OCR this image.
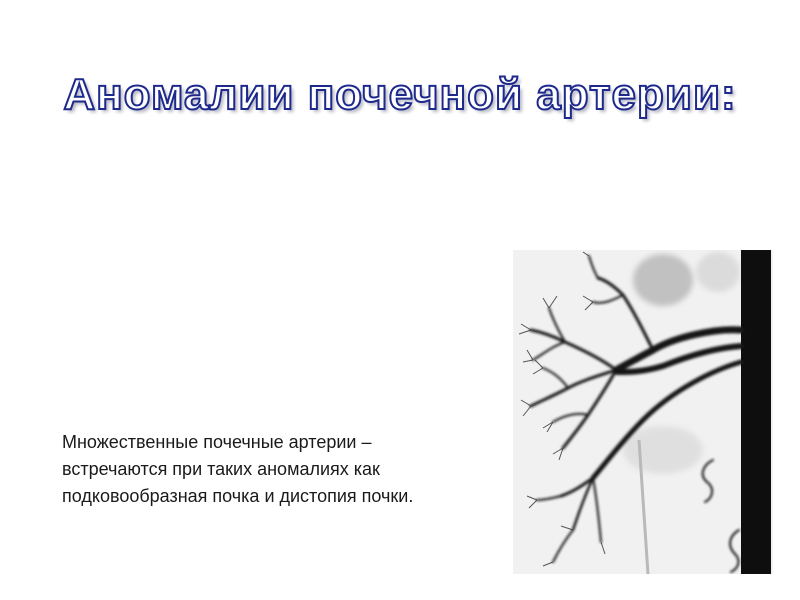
Аномалии почечной артерии:
Множественные почечные артерии – встречаются при таких аномалиях как подковообразная почка и дистопия почки.
